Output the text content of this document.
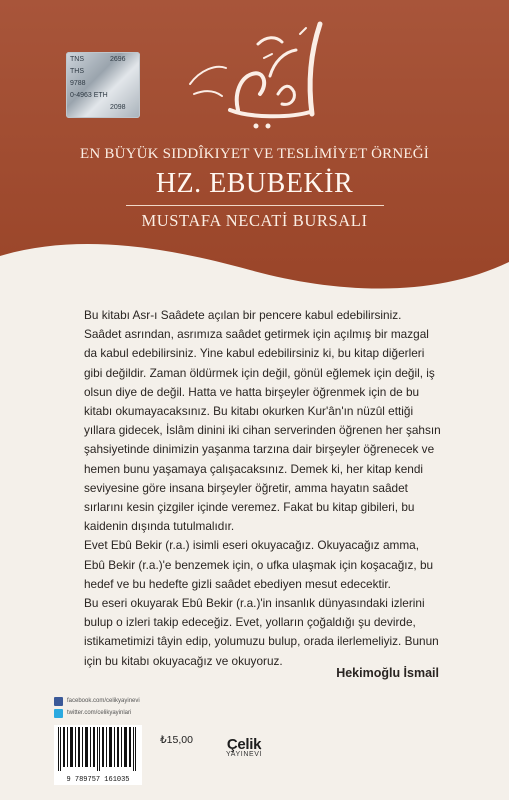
TNS	2696
THS
9788
0-4963 ETH
2098
EN BÜYÜK SIDDÎKIYET VE TESLİMİYET ÖRNEĞİ
HZ. EBUBEKİR
MUSTAFA NECATİ BURSALI

Bu kitabı Asr-ı Saâdete açılan bir pencere kabul edebilirsiniz. Saâdet asrından, asrımıza saâdet getirmek için açılmış bir mazgal da kabul edebilirsiniz. Yine kabul edebilirsiniz ki, bu kitap diğerleri gibi değildir. Zaman öldürmek için değil, gönül eğlemek için değil, iş olsun diye de değil. Hatta ve hatta birşeyler öğrenmek için de bu kitabı okumayacaksınız. Bu kitabı okurken Kur'ân'ın nüzûl ettiği yıllara gidecek, İslâm dinini iki cihan serverinden öğrenen her şahsın şahsiyetinde dinimizin yaşanma tarzına dair birşeyler öğrenecek ve hemen bunu yaşamaya çalışacaksınız. Demek ki, her kitap kendi seviyesine göre insana birşeyler öğretir, amma hayatın saâdet sırlarını kesin çizgiler içinde veremez. Fakat bu kitap gibileri, bu kaidenin dışında tutulmalıdır.

Evet Ebû Bekir (r.a.) isimli eseri okuyacağız. Okuyacağız amma, Ebû Bekir (r.a.)'e benzemek için, o ufka ulaşmak için koşacağız, bu hedef ve bu hedefte gizli saâdet ebediyen mesut edecektir.

Bu eseri okuyarak Ebû Bekir (r.a.)'in insanlık dünyasındaki izlerini bulup o izleri takip edeceğiz. Evet, yolların çoğaldığı şu devirde, istikametimizi tâyin edip, yolumuzu bulup, orada ilerlemeliyiz. Bunun için bu kitabı okuyacağız ve okuyoruz.

Hekimoğlu İsmail
facebook.com/celikyayinevi
twitter.com/celikyayinlari
9 789757 161035
₺15,00 Çelik
YAYINEVİ
